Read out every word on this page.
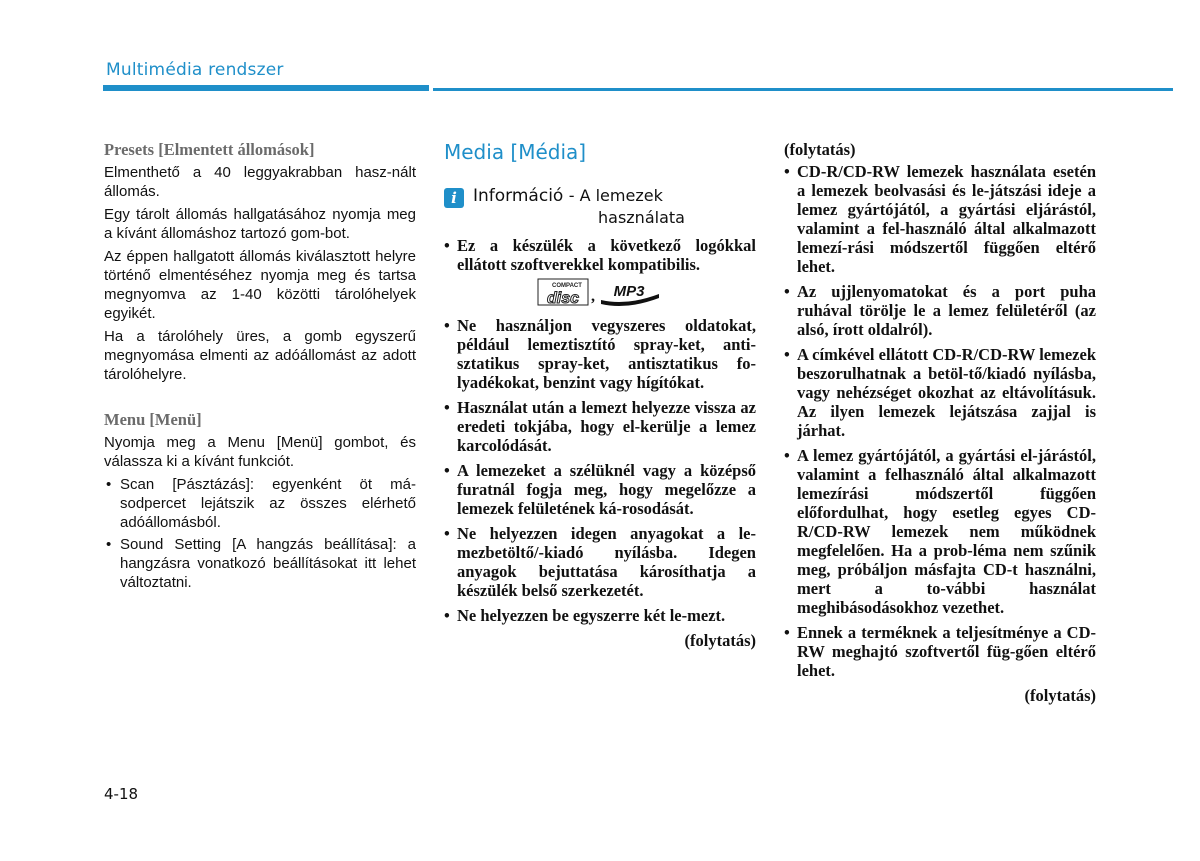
Multimédia rendszer
Presets [Elmentett állomások]

Elmenthető a 40 leggyakrabban hasz-nált állomás.

Egy tárolt állomás hallgatásához nyomja meg a kívánt állomáshoz tartozó gom-bot.

Az éppen hallgatott állomás kiválasztott helyre történő elmentéséhez nyomja meg és tartsa megnyomva az 1-40 közötti tárolóhelyek egyikét.

Ha a tárolóhely üres, a gomb egyszerű megnyomása elmenti az adóállomást az adott tárolóhelyre.

Menu [Menü]

Nyomja meg a Menu [Menü] gombot, és válassza ki a kívánt funkciót.

• Scan [Pásztázás]: egyenként öt má-sodpercet lejátszik az összes elérhető adóállomásból.
• Sound Setting [A hangzás beállítása]: a hangzásra vonatkozó beállításokat itt lehet változtatni.
Media [Média]
i Információ - A lemezek
használata
• Ez a készülék a következő logókkal ellátott szoftverekkel kompatibilis.
COMPACT
disc , MP3
• Ne használjon vegyszeres oldatokat, például lemeztisztító spray-ket, anti-sztatikus spray-ket, antisztatikus fo-lyadékokat, benzint vagy hígítókat.
• Használat után a lemezt helyezze vissza az eredeti tokjába, hogy el-kerülje a lemez karcolódását.
• A lemezeket a szélüknél vagy a középső furatnál fogja meg, hogy megelőzze a lemezek felületének ká-rosodását.
• Ne helyezzen idegen anyagokat a le-mezbetöltő/-kiadó nyílásba. Idegen anyagok bejuttatása károsíthatja a készülék belső szerkezetét.
• Ne helyezzen be egyszerre két le-mezt.

(folytatás)

(folytatás)

• CD-R/CD-RW lemezek használata esetén a lemezek beolvasási és le-játszási ideje a lemez gyártójától, a gyártási eljárástól, valamint a fel-használó által alkalmazott lemezí-rási módszertől függően eltérő lehet.
• Az ujjlenyomatokat és a port puha ruhával törölje le a lemez felületéről (az alsó, írott oldalról).
• A címkével ellátott CD-R/CD-RW lemezek beszorulhatnak a betöl-tő/kiadó nyílásba, vagy nehézséget okozhat az eltávolításuk. Az ilyen lemezek lejátszása zajjal is járhat.
• A lemez gyártójától, a gyártási el-járástól, valamint a felhasználó által alkalmazott lemezírási módszertől függően előfordulhat, hogy esetleg egyes CD-R/CD-RW lemezek nem működnek megfelelően. Ha a prob-léma nem szűnik meg, próbáljon másfajta CD-t használni, mert a to-vábbi használat meghibásodásokhoz vezethet.
• Ennek a terméknek a teljesítménye a CD-RW meghajtó szoftvertől füg-gően eltérő lehet.

(folytatás)

4-18
